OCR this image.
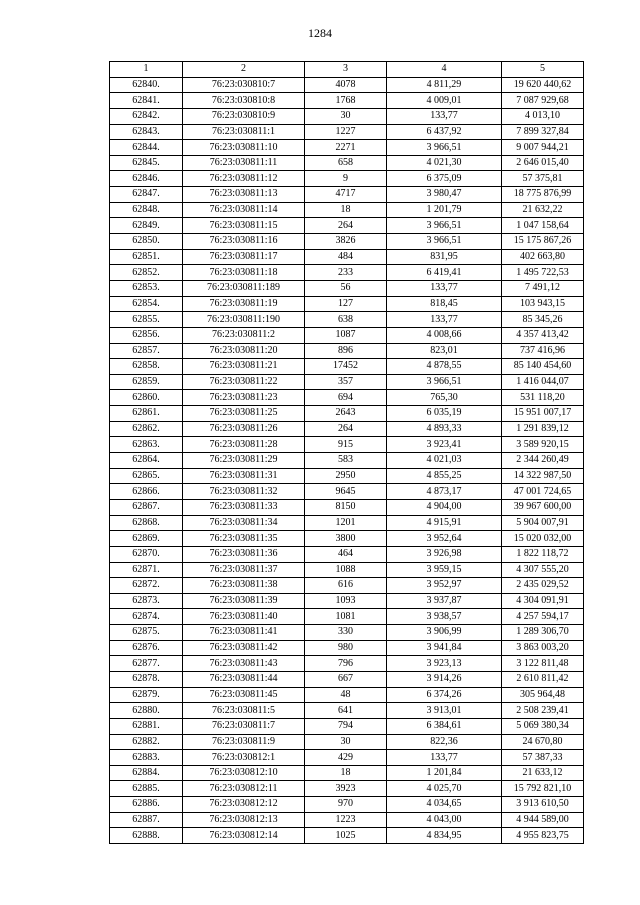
1284
1	2	3	4	5
62840.	76:23:030810:7	4078	4 811,29	19 620 440,62
62841.	76:23:030810:8	1768	4 009,01	7 087 929,68
62842.	76:23:030810:9	30	133,77	4 013,10
62843.	76:23:030811:1	1227	6 437,92	7 899 327,84
62844.	76:23:030811:10	2271	3 966,51	9 007 944,21
62845.	76:23:030811:11	658	4 021,30	2 646 015,40
62846.	76:23:030811:12	9	6 375,09	57 375,81
62847.	76:23:030811:13	4717	3 980,47	18 775 876,99
62848.	76:23:030811:14	18	1 201,79	21 632,22
62849.	76:23:030811:15	264	3 966,51	1 047 158,64
62850.	76:23:030811:16	3826	3 966,51	15 175 867,26
62851.	76:23:030811:17	484	831,95	402 663,80
62852.	76:23:030811:18	233	6 419,41	1 495 722,53
62853.	76:23:030811:189	56	133,77	7 491,12
62854.	76:23:030811:19	127	818,45	103 943,15
62855.	76:23:030811:190	638	133,77	85 345,26
62856.	76:23:030811:2	1087	4 008,66	4 357 413,42
62857.	76:23:030811:20	896	823,01	737 416,96
62858.	76:23:030811:21	17452	4 878,55	85 140 454,60
62859.	76:23:030811:22	357	3 966,51	1 416 044,07
62860.	76:23:030811:23	694	765,30	531 118,20
62861.	76:23:030811:25	2643	6 035,19	15 951 007,17
62862.	76:23:030811:26	264	4 893,33	1 291 839,12
62863.	76:23:030811:28	915	3 923,41	3 589 920,15
62864.	76:23:030811:29	583	4 021,03	2 344 260,49
62865.	76:23:030811:31	2950	4 855,25	14 322 987,50
62866.	76:23:030811:32	9645	4 873,17	47 001 724,65
62867.	76:23:030811:33	8150	4 904,00	39 967 600,00
62868.	76:23:030811:34	1201	4 915,91	5 904 007,91
62869.	76:23:030811:35	3800	3 952,64	15 020 032,00
62870.	76:23:030811:36	464	3 926,98	1 822 118,72
62871.	76:23:030811:37	1088	3 959,15	4 307 555,20
62872.	76:23:030811:38	616	3 952,97	2 435 029,52
62873.	76:23:030811:39	1093	3 937,87	4 304 091,91
62874.	76:23:030811:40	1081	3 938,57	4 257 594,17
62875.	76:23:030811:41	330	3 906,99	1 289 306,70
62876.	76:23:030811:42	980	3 941,84	3 863 003,20
62877.	76:23:030811:43	796	3 923,13	3 122 811,48
62878.	76:23:030811:44	667	3 914,26	2 610 811,42
62879.	76:23:030811:45	48	6 374,26	305 964,48
62880.	76:23:030811:5	641	3 913,01	2 508 239,41
62881.	76:23:030811:7	794	6 384,61	5 069 380,34
62882.	76:23:030811:9	30	822,36	24 670,80
62883.	76:23:030812:1	429	133,77	57 387,33
62884.	76:23:030812:10	18	1 201,84	21 633,12
62885.	76:23:030812:11	3923	4 025,70	15 792 821,10
62886.	76:23:030812:12	970	4 034,65	3 913 610,50
62887.	76:23:030812:13	1223	4 043,00	4 944 589,00
62888.	76:23:030812:14	1025	4 834,95	4 955 823,75
